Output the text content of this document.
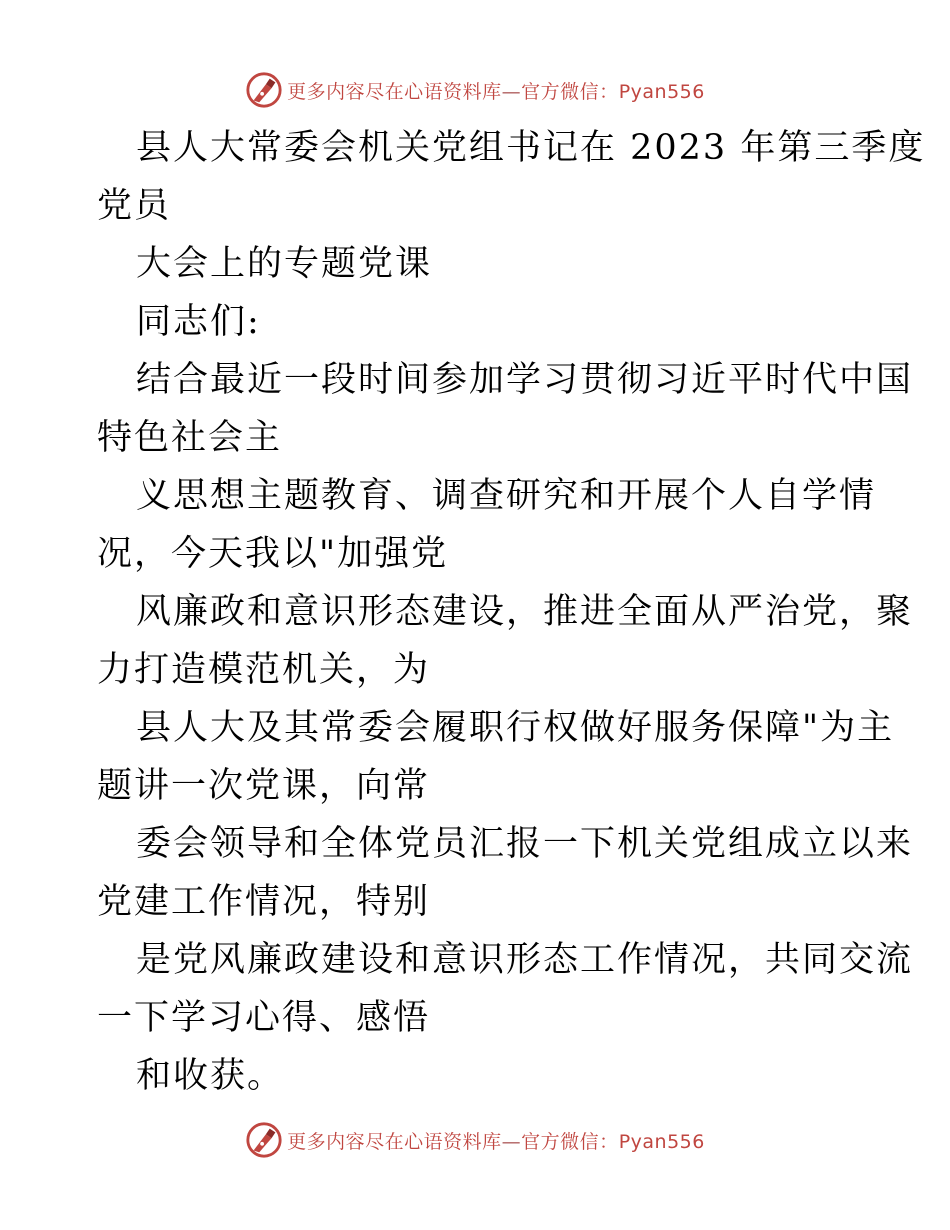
更多内容尽在心语资料库—官方微信：Pyan556
县人大常委会机关党组书记在 2023 年第三季度
党员
大会上的专题党课
同志们:
结合最近一段时间参加学习贯彻习近平时代中国
特色社会主
义思想主题教育、调查研究和开展个人自学情
况，今天我以"加强党
风廉政和意识形态建设，推进全面从严治党，聚
力打造模范机关，为
县人大及其常委会履职行权做好服务保障"为主
题讲一次党课，向常
委会领导和全体党员汇报一下机关党组成立以来
党建工作情况，特别
是党风廉政建设和意识形态工作情况，共同交流
一下学习心得、感悟
和收获。
更多内容尽在心语资料库—官方微信：Pyan556
